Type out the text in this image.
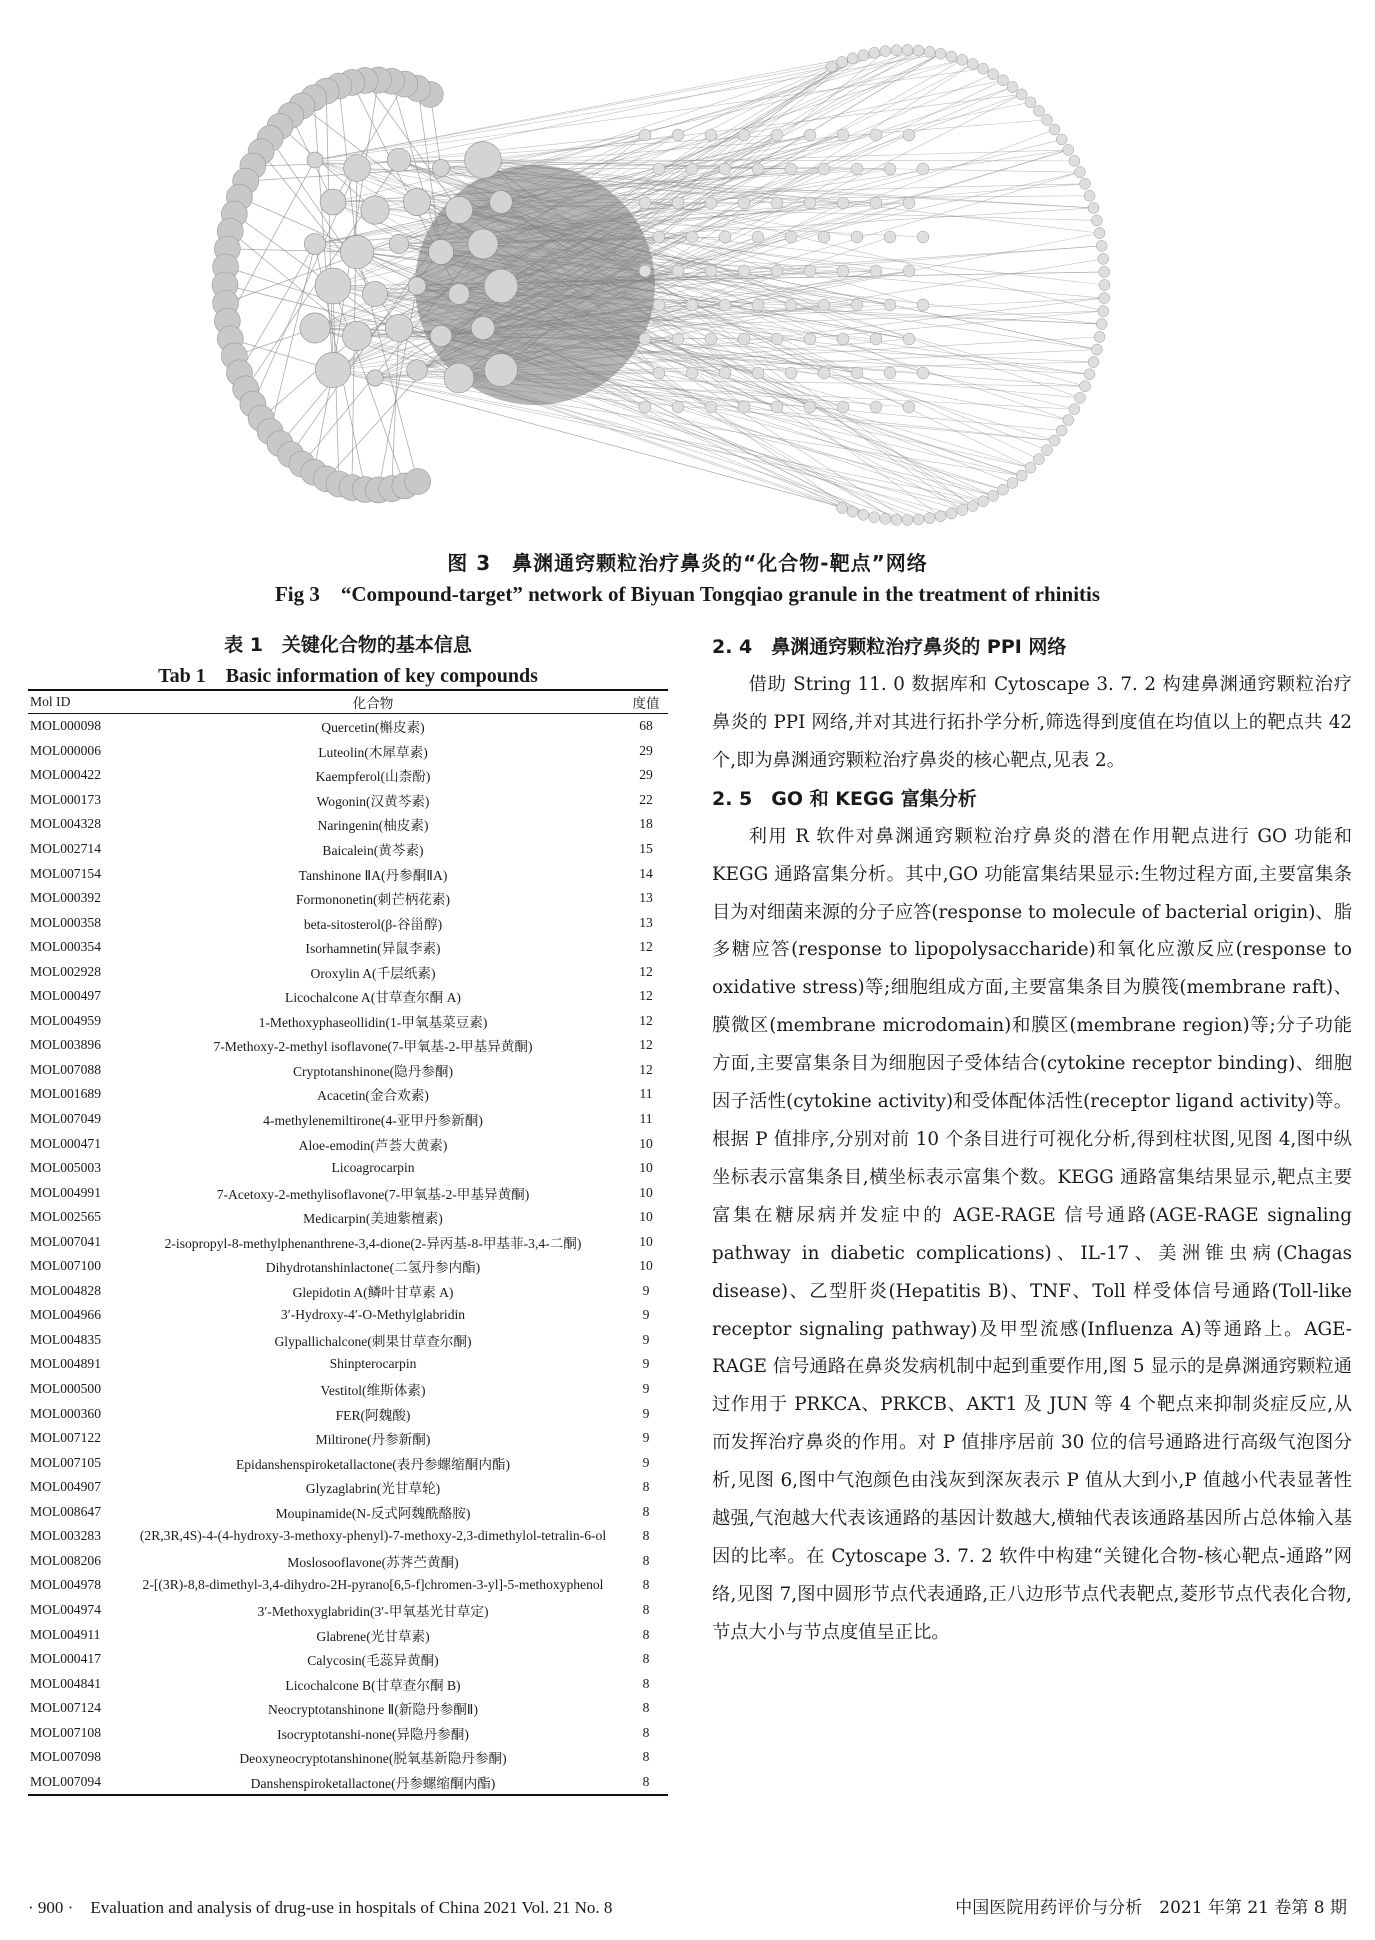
图 3　鼻渊通窍颗粒治疗鼻炎的“化合物-靶点”网络
Fig 3　“Compound-target” network of Biyuan Tongqiao granule in the treatment of rhinitis
表 1　关键化合物的基本信息
Tab 1　Basic information of key compounds
Mol ID	化合物	度值
MOL000098	Quercetin(槲皮素)	68
MOL000006	Luteolin(木犀草素)	29
MOL000422	Kaempferol(山柰酚)	29
MOL000173	Wogonin(汉黄芩素)	22
MOL004328	Naringenin(柚皮素)	18
MOL002714	Baicalein(黄芩素)	15
MOL007154	Tanshinone ⅡA(丹参酮ⅡA)	14
MOL000392	Formononetin(刺芒柄花素)	13
MOL000358	beta-sitosterol(β-谷甾醇)	13
MOL000354	Isorhamnetin(异鼠李素)	12
MOL002928	Oroxylin A(千层纸素)	12
MOL000497	Licochalcone A(甘草查尔酮 A)	12
MOL004959	1-Methoxyphaseollidin(1-甲氧基菜豆素)	12
MOL003896	7-Methoxy-2-methyl isoflavone(7-甲氧基-2-甲基异黄酮)	12
MOL007088	Cryptotanshinone(隐丹参酮)	12
MOL001689	Acacetin(金合欢素)	11
MOL007049	4-methylenemiltirone(4-亚甲丹参新酮)	11
MOL000471	Aloe-emodin(芦荟大黄素)	10
MOL005003	Licoagrocarpin	10
MOL004991	7-Acetoxy-2-methylisoflavone(7-甲氧基-2-甲基异黄酮)	10
MOL002565	Medicarpin(美迪紫檀素)	10
MOL007041	2-isopropyl-8-methylphenanthrene-3,4-dione(2-异丙基-8-甲基菲-3,4-二酮)	10
MOL007100	Dihydrotanshinlactone(二氢丹参内酯)	10
MOL004828	Glepidotin A(鳞叶甘草素 A)	9
MOL004966	3′-Hydroxy-4′-O-Methylglabridin	9
MOL004835	Glypallichalcone(刺果甘草查尔酮)	9
MOL004891	Shinpterocarpin	9
MOL000500	Vestitol(维斯体素)	9
MOL000360	FER(阿魏酸)	9
MOL007122	Miltirone(丹参新酮)	9
MOL007105	Epidanshenspiroketallactone(表丹参螺缩酮内酯)	9
MOL004907	Glyzaglabrin(光甘草轮)	8
MOL008647	Moupinamide(N-反式阿魏酰酪胺)	8
MOL003283	(2R,3R,4S)-4-(4-hydroxy-3-methoxy-phenyl)-7-methoxy-2,3-dimethylol-tetralin-6-ol	8
MOL008206	Moslosooflavone(苏荠苎黄酮)	8
MOL004978	2-[(3R)-8,8-dimethyl-3,4-dihydro-2H-pyrano[6,5-f]chromen-3-yl]-5-methoxyphenol	8
MOL004974	3′-Methoxyglabridin(3′-甲氧基光甘草定)	8
MOL004911	Glabrene(光甘草素)	8
MOL000417	Calycosin(毛蕊异黄酮)	8
MOL004841	Licochalcone B(甘草查尔酮 B)	8
MOL007124	Neocryptotanshinone Ⅱ(新隐丹参酮Ⅱ)	8
MOL007108	Isocryptotanshi-none(异隐丹参酮)	8
MOL007098	Deoxyneocryptotanshinone(脱氧基新隐丹参酮)	8
MOL007094	Danshenspiroketallactone(丹参螺缩酮内酯)	8
2. 4　鼻渊通窍颗粒治疗鼻炎的 PPI 网络

借助 String 11. 0 数据库和 Cytoscape 3. 7. 2 构建鼻渊通窍颗粒治疗鼻炎的 PPI 网络,并对其进行拓扑学分析,筛选得到度值在均值以上的靶点共 42 个,即为鼻渊通窍颗粒治疗鼻炎的核心靶点,见表 2。

2. 5　GO 和 KEGG 富集分析

利用 R 软件对鼻渊通窍颗粒治疗鼻炎的潜在作用靶点进行 GO 功能和 KEGG 通路富集分析。其中,GO 功能富集结果显示:生物过程方面,主要富集条目为对细菌来源的分子应答(response to molecule of bacterial origin)、脂多糖应答(response to lipopolysaccharide)和氧化应激反应(response to oxidative stress)等;细胞组成方面,主要富集条目为膜筏(membrane raft)、膜微区(membrane microdomain)和膜区(membrane region)等;分子功能方面,主要富集条目为细胞因子受体结合(cytokine receptor binding)、细胞因子活性(cytokine activity)和受体配体活性(receptor ligand activity)等。根据 P 值排序,分别对前 10 个条目进行可视化分析,得到柱状图,见图 4,图中纵坐标表示富集条目,横坐标表示富集个数。KEGG 通路富集结果显示,靶点主要富集在糖尿病并发症中的 AGE-RAGE 信号通路(AGE-RAGE signaling pathway in diabetic complications)、IL-17、美洲锥虫病(Chagas disease)、乙型肝炎(Hepatitis B)、TNF、Toll 样受体信号通路(Toll-like receptor signaling pathway)及甲型流感(Influenza A)等通路上。AGE-RAGE 信号通路在鼻炎发病机制中起到重要作用,图 5 显示的是鼻渊通窍颗粒通过作用于 PRKCA、PRKCB、AKT1 及 JUN 等 4 个靶点来抑制炎症反应,从而发挥治疗鼻炎的作用。对 P 值排序居前 30 位的信号通路进行高级气泡图分析,见图 6,图中气泡颜色由浅灰到深灰表示 P 值从大到小,P 值越小代表显著性越强,气泡越大代表该通路的基因计数越大,横轴代表该通路基因所占总体输入基因的比率。在 Cytoscape 3. 7. 2 软件中构建“关键化合物-核心靶点-通路”网络,见图 7,图中圆形节点代表通路,正八边形节点代表靶点,菱形节点代表化合物,节点大小与节点度值呈正比。

· 900 ·　Evaluation and analysis of drug-use in hospitals of China 2021 Vol. 21 No. 8	中国医院用药评价与分析　2021 年第 21 卷第 8 期
